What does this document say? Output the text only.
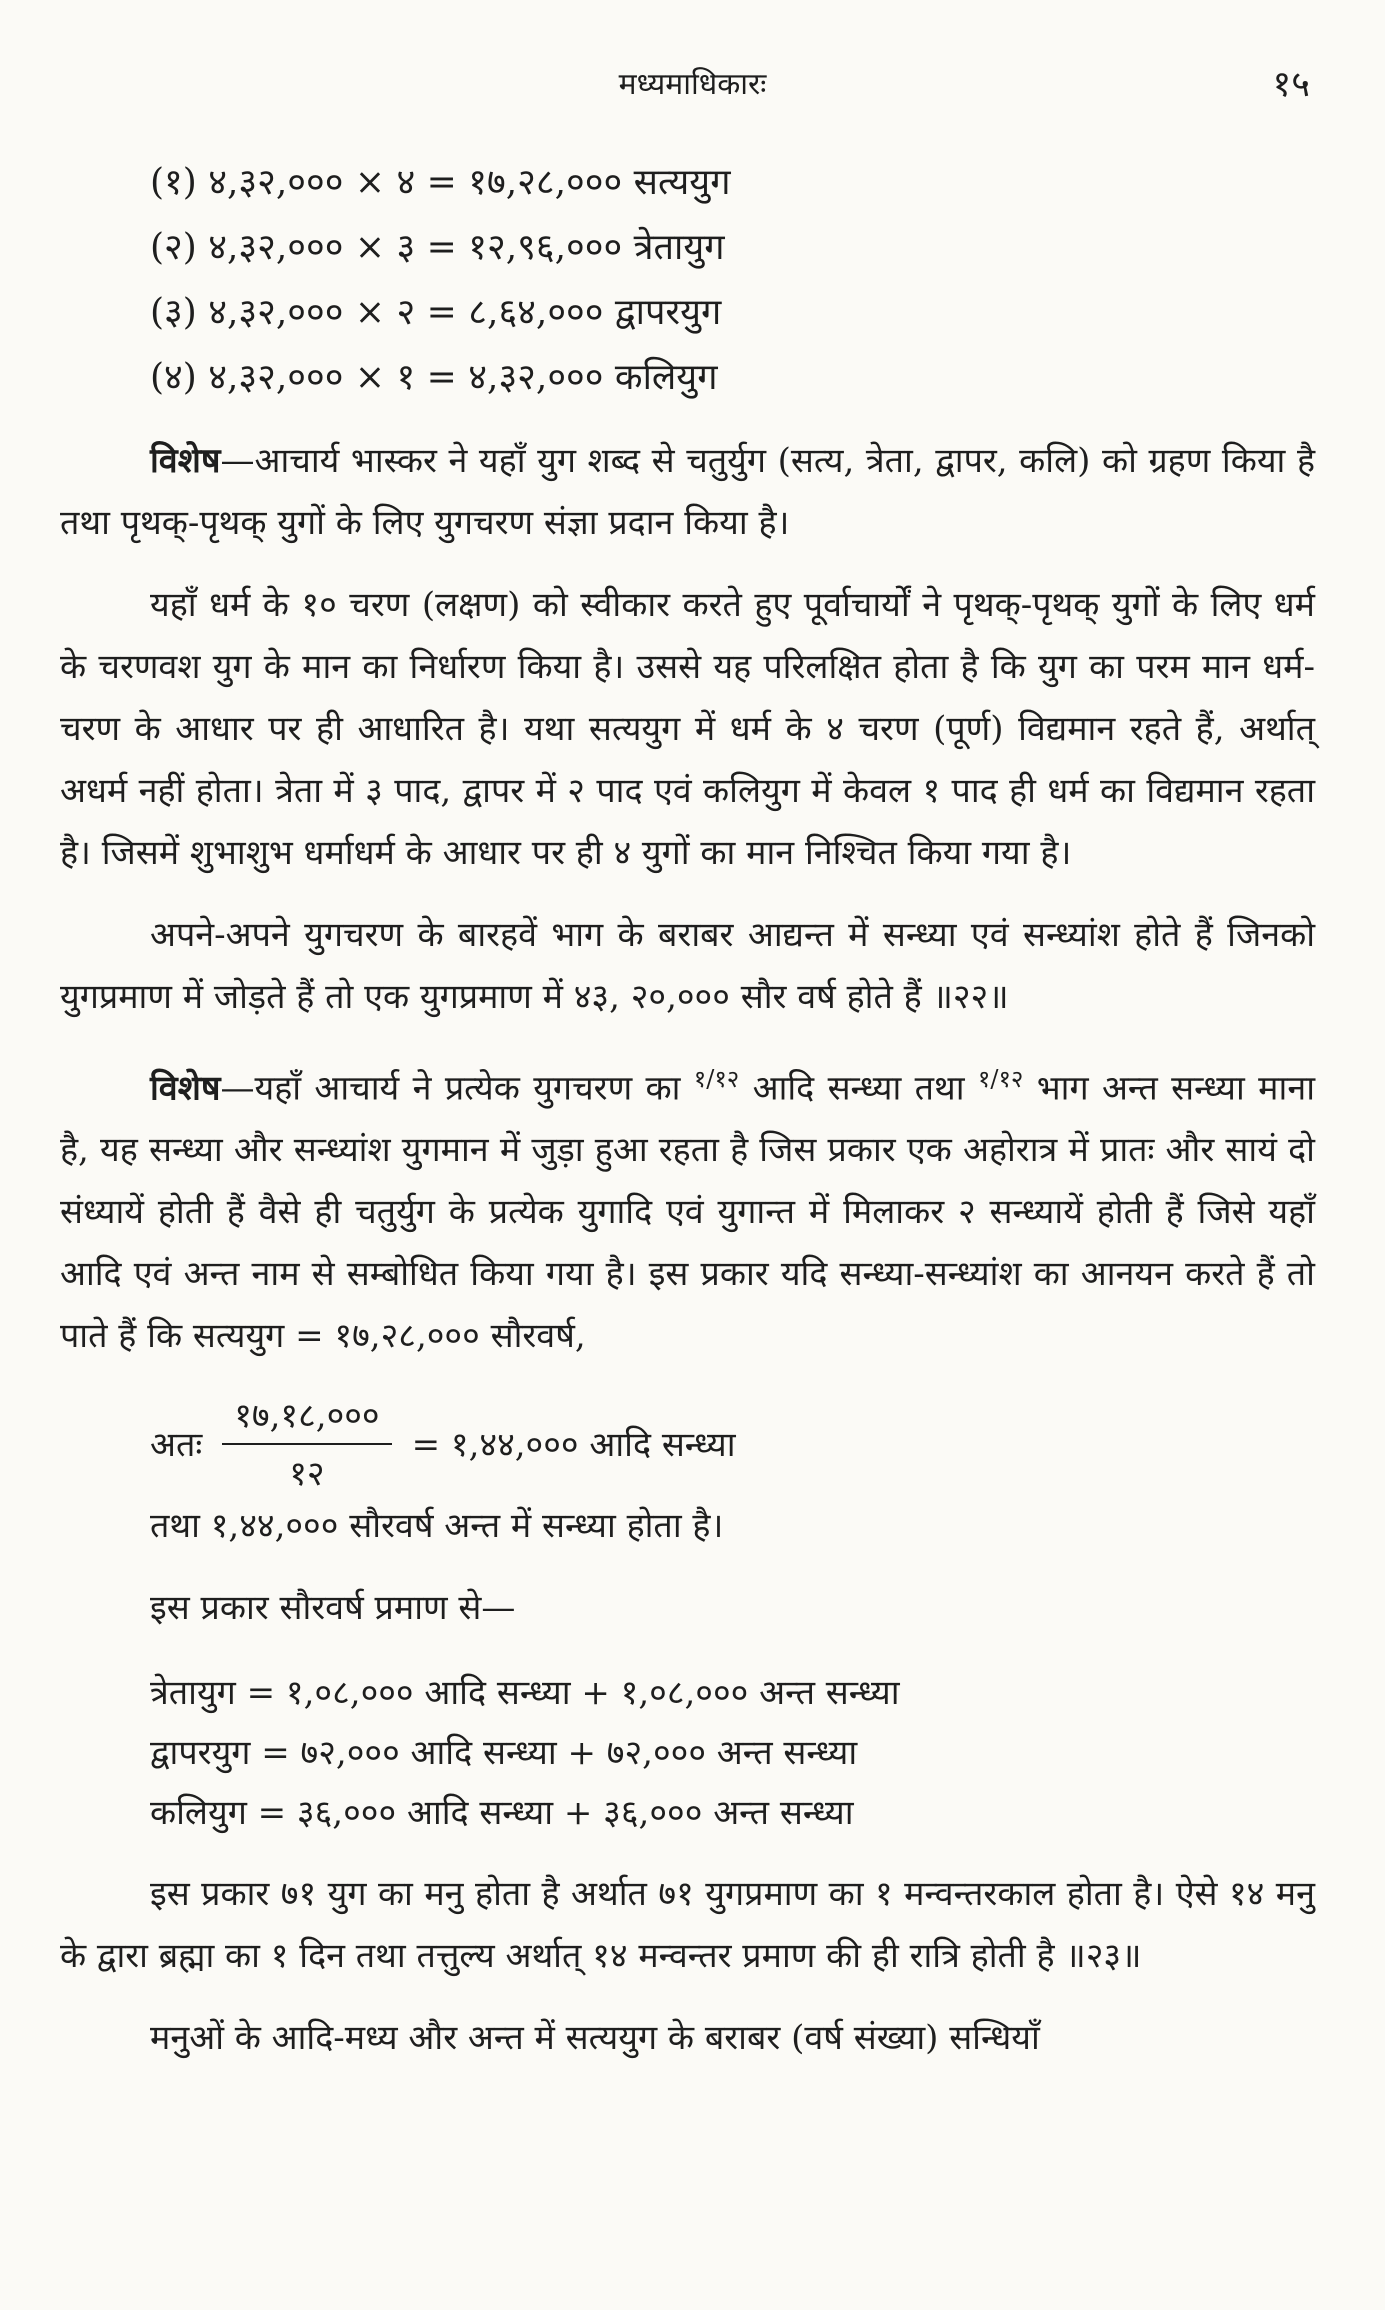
मध्यमाधिकारः	१५
(१) ४,३२,००० × ४ = १७,२८,००० सत्ययुग
(२) ४,३२,००० × ३ = १२,९६,००० त्रेतायुग
(३) ४,३२,००० × २ = ८,६४,००० द्वापरयुग
(४) ४,३२,००० × १ = ४,३२,००० कलियुग

विशेष—आचार्य भास्कर ने यहाँ युग शब्द से चतुर्युग (सत्य, त्रेता, द्वापर, कलि) को ग्रहण किया है तथा पृथक्-पृथक् युगों के लिए युगचरण संज्ञा प्रदान किया है।

यहाँ धर्म के १० चरण (लक्षण) को स्वीकार करते हुए पूर्वाचार्यों ने पृथक्-पृथक् युगों के लिए धर्म के चरणवश युग के मान का निर्धारण किया है। उससे यह परिलक्षित होता है कि युग का परम मान धर्म-चरण के आधार पर ही आधारित है। यथा सत्ययुग में धर्म के ४ चरण (पूर्ण) विद्यमान रहते हैं, अर्थात् अधर्म नहीं होता। त्रेता में ३ पाद, द्वापर में २ पाद एवं कलियुग में केवल १ पाद ही धर्म का विद्यमान रहता है। जिसमें शुभाशुभ धर्माधर्म के आधार पर ही ४ युगों का मान निश्चित किया गया है।

अपने-अपने युगचरण के बारहवें भाग के बराबर आद्यन्त में सन्ध्या एवं सन्ध्यांश होते हैं जिनको युगप्रमाण में जोड़ते हैं तो एक युगप्रमाण में ४३, २०,००० सौर वर्ष होते हैं ॥२२॥

विशेष—यहाँ आचार्य ने प्रत्येक युगचरण का $^{१/१२}$ आदि सन्ध्या तथा $^{१/१२}$ भाग अन्त सन्ध्या माना है, यह सन्ध्या और सन्ध्यांश युगमान में जुड़ा हुआ रहता है जिस प्रकार एक अहोरात्र में प्रातः और सायं दो संध्यायें होती हैं वैसे ही चतुर्युग के प्रत्येक युगादि एवं युगान्त में मिलाकर २ सन्ध्यायें होती हैं जिसे यहाँ आदि एवं अन्त नाम से सम्बोधित किया गया है। इस प्रकार यदि सन्ध्या-सन्ध्यांश का आनयन करते हैं तो पाते हैं कि सत्ययुग = १७,२८,००० सौरवर्ष,

अतः $\frac{१७,१८,०००}{१२}$ = १,४४,००० आदि सन्ध्या
तथा १,४४,००० सौरवर्ष अन्त में सन्ध्या होता है।
इस प्रकार सौरवर्ष प्रमाण से—
त्रेतायुग = १,०८,००० आदि सन्ध्या + १,०८,००० अन्त सन्ध्या
द्वापरयुग = ७२,००० आदि सन्ध्या + ७२,००० अन्त सन्ध्या
कलियुग = ३६,००० आदि सन्ध्या + ३६,००० अन्त सन्ध्या

इस प्रकार ७१ युग का मनु होता है अर्थात ७१ युगप्रमाण का १ मन्वन्तरकाल होता है। ऐसे १४ मनु के द्वारा ब्रह्मा का १ दिन तथा तत्तुल्य अर्थात् १४ मन्वन्तर प्रमाण की ही रात्रि होती है ॥२३॥

मनुओं के आदि-मध्य और अन्त में सत्ययुग के बराबर (वर्ष संख्या) सन्धियाँ
